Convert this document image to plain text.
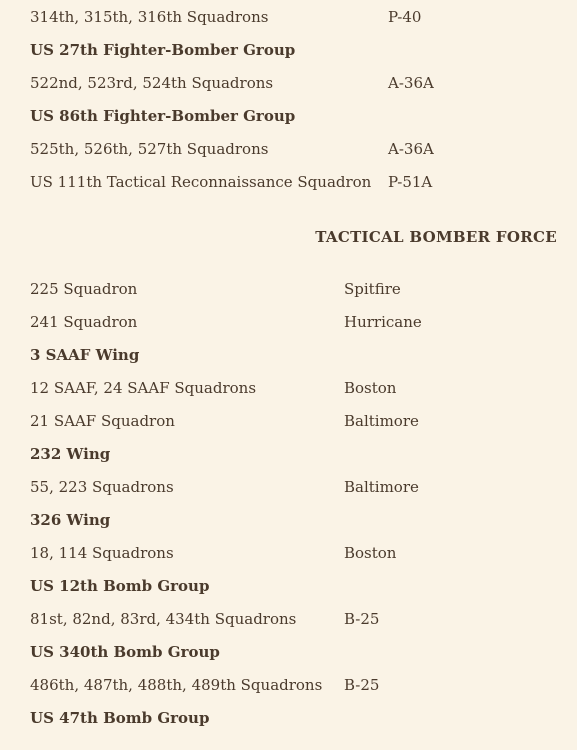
314th, 315th, 316th Squadrons	P-40
US 27th Fighter-Bomber Group
522nd, 523rd, 524th Squadrons	A-36A
US 86th Fighter-Bomber Group
525th, 526th, 527th Squadrons	A-36A
US 111th Tactical Reconnaissance Squadron P-51A
TACTICAL BOMBER FORCE
225 Squadron	Spitfire
241 Squadron	Hurricane
3 SAAF Wing
12 SAAF, 24 SAAF Squadrons	Boston
21 SAAF Squadron	Baltimore
232 Wing
55, 223 Squadrons	Baltimore
326 Wing
18, 114 Squadrons	Boston
US 12th Bomb Group
81st, 82nd, 83rd, 434th Squadrons	B-25
US 340th Bomb Group
486th, 487th, 488th, 489th Squadrons B-25
US 47th Bomb Group
